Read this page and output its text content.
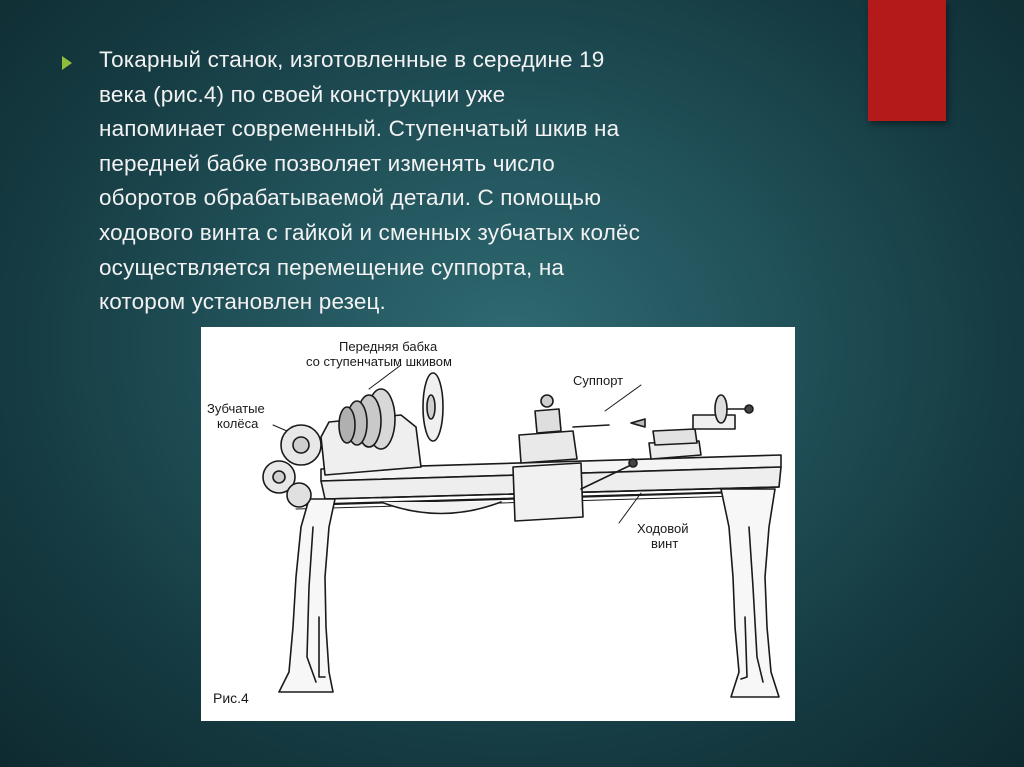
Токарный станок, изготовленные в середине 19
века (рис.4) по своей конструкции уже
напоминает современный. Ступенчатый шкив на
передней бабке позволяет изменять число
оборотов обрабатываемой детали. С помощью
ходового винта с гайкой и сменных зубчатых колёс
осуществляется перемещение суппорта, на
котором установлен резец.

Передняя бабка
со ступенчатым шкивом
Суппорт
Зубчатые
колёса
Ходовой
винт
Рис.4
